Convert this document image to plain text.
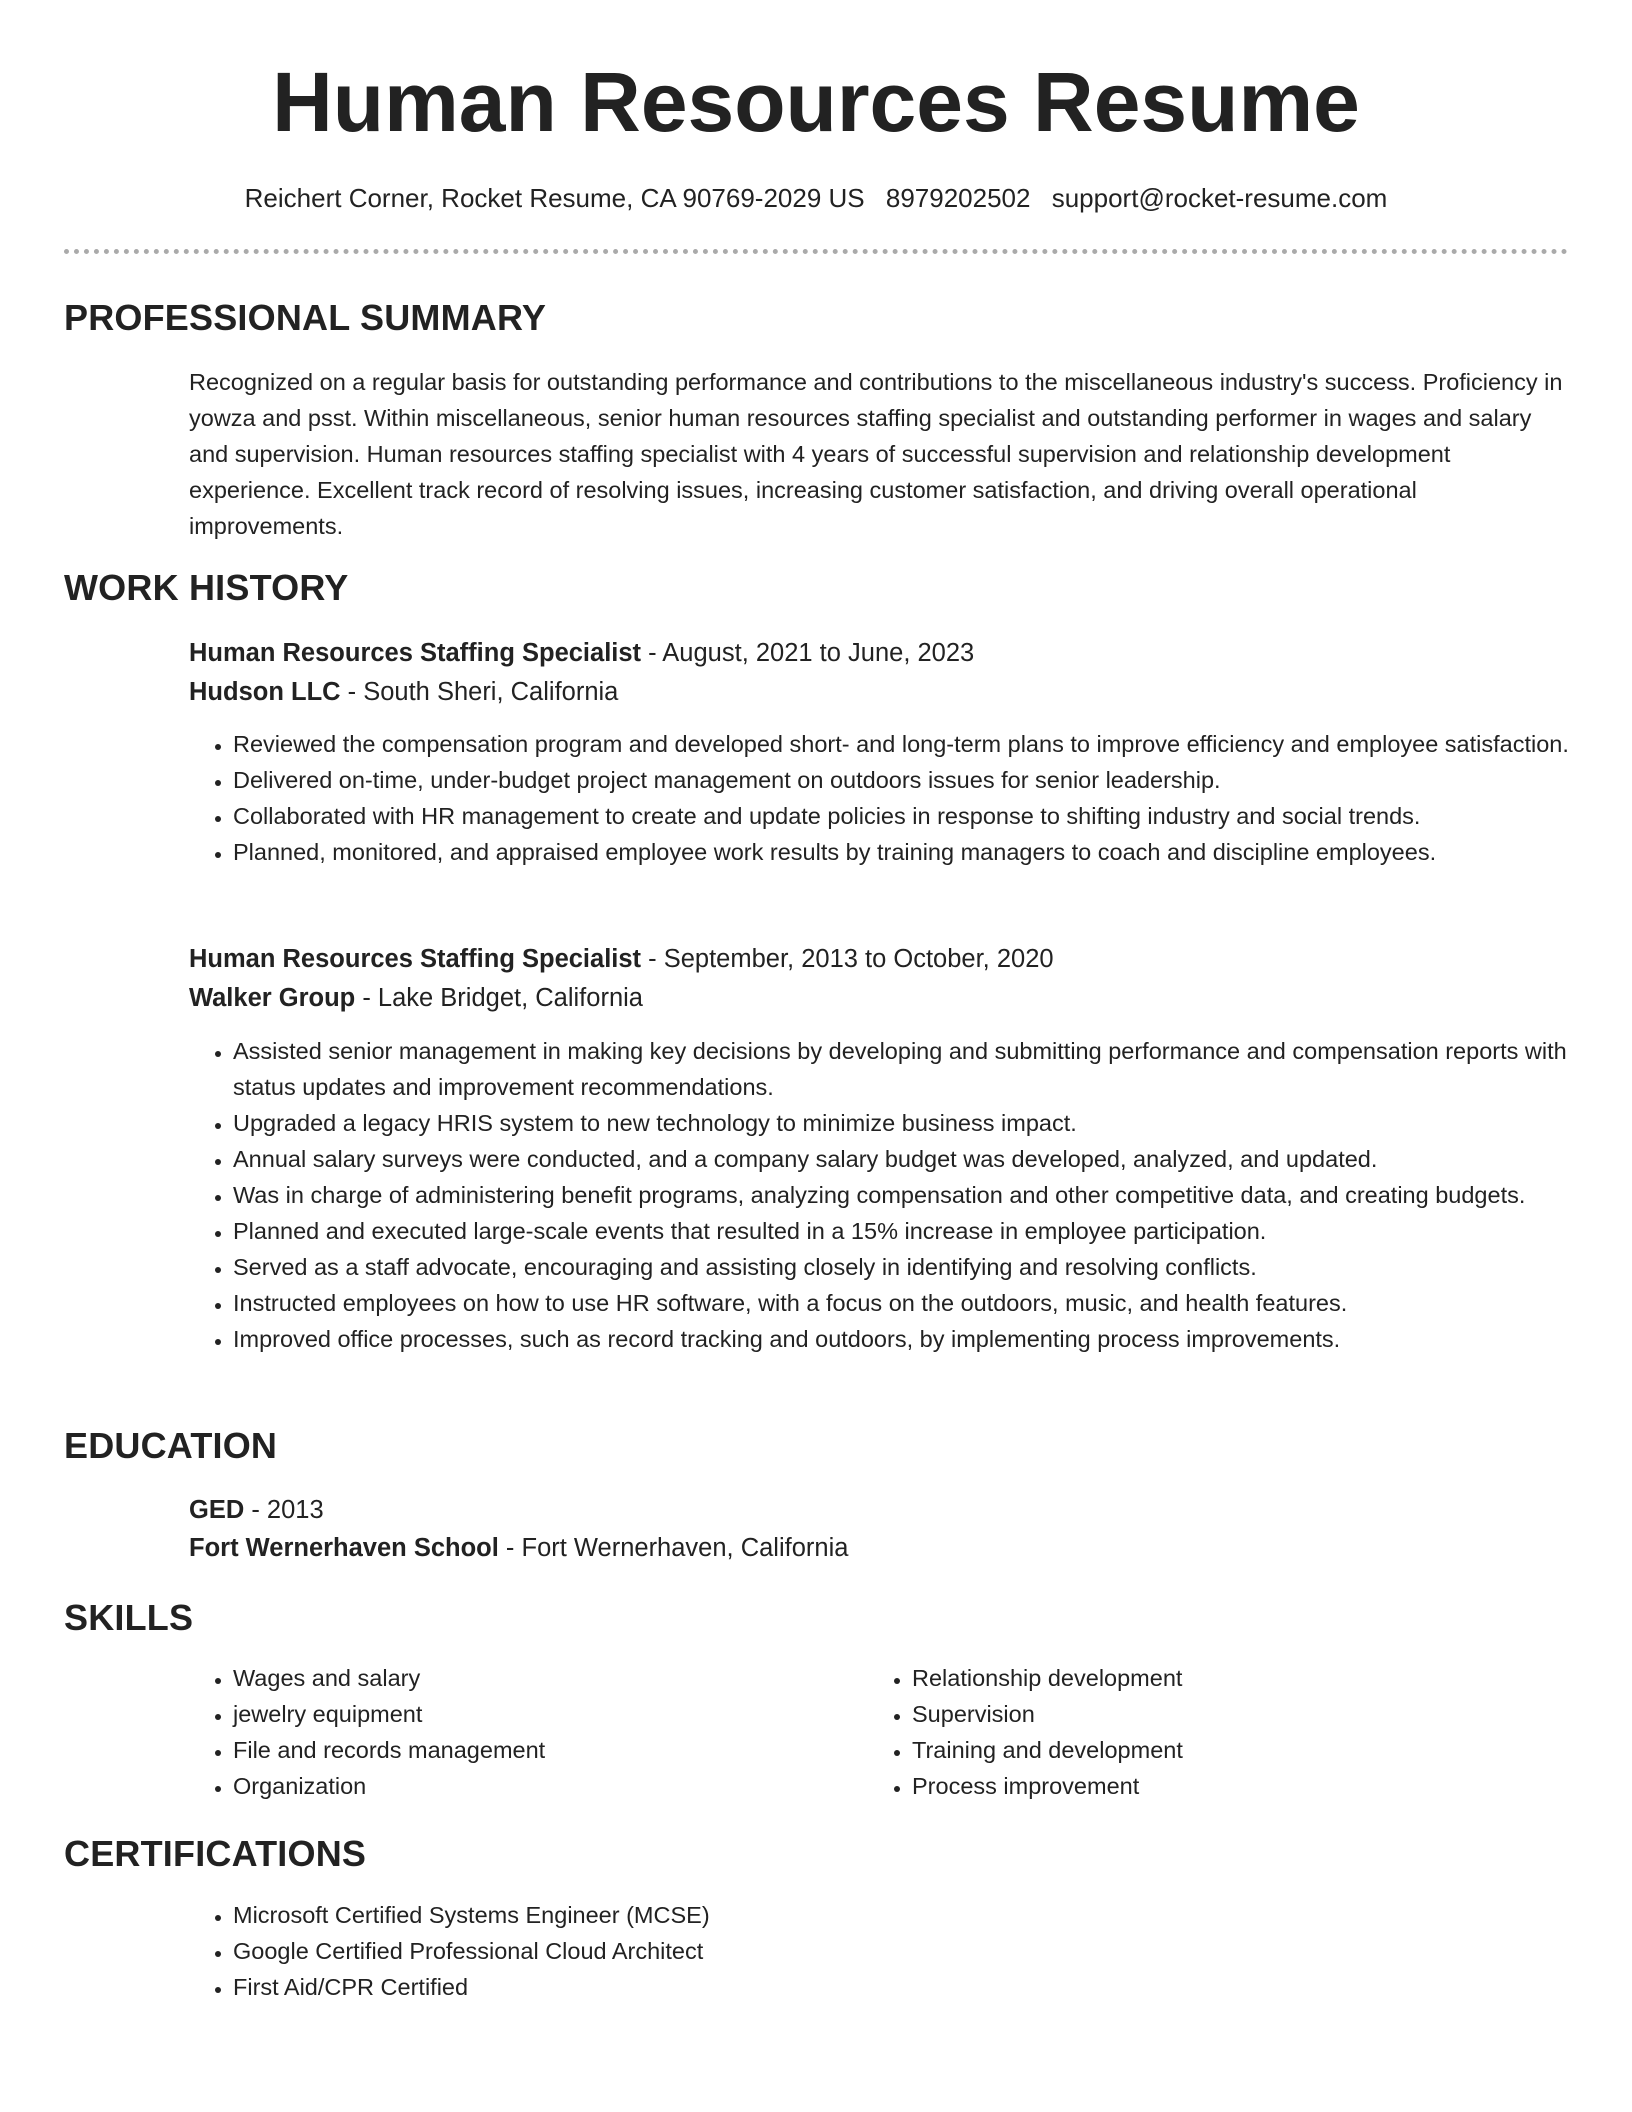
Human Resources Resume
Reichert Corner, Rocket Resume, CA 90769-2029 US 8979202502 support@rocket-resume.com
PROFESSIONAL SUMMARY

Recognized on a regular basis for outstanding performance and contributions to the miscellaneous industry's success. Proficiency in yowza and psst. Within miscellaneous, senior human resources staffing specialist and outstanding performer in wages and salary and supervision. Human resources staffing specialist with 4 years of successful supervision and relationship development experience. Excellent track record of resolving issues, increasing customer satisfaction, and driving overall operational improvements.

WORK HISTORY
Human Resources Staffing Specialist - August, 2021 to June, 2023
Hudson LLC - South Sheri, California
• Reviewed the compensation program and developed short- and long-term plans to improve efficiency and employee satisfaction.
• Delivered on-time, under-budget project management on outdoors issues for senior leadership.
• Collaborated with HR management to create and update policies in response to shifting industry and social trends.
• Planned, monitored, and appraised employee work results by training managers to coach and discipline employees.
Human Resources Staffing Specialist - September, 2013 to October, 2020
Walker Group - Lake Bridget, California
• Assisted senior management in making key decisions by developing and submitting performance and compensation reports with status updates and improvement recommendations.
• Upgraded a legacy HRIS system to new technology to minimize business impact.
• Annual salary surveys were conducted, and a company salary budget was developed, analyzed, and updated.
• Was in charge of administering benefit programs, analyzing compensation and other competitive data, and creating budgets.
• Planned and executed large-scale events that resulted in a 15% increase in employee participation.
• Served as a staff advocate, encouraging and assisting closely in identifying and resolving conflicts.
• Instructed employees on how to use HR software, with a focus on the outdoors, music, and health features.
• Improved office processes, such as record tracking and outdoors, by implementing process improvements.
EDUCATION
GED - 2013
Fort Wernerhaven School - Fort Wernerhaven, California
SKILLS
• Wages and salary
• jewelry equipment
• File and records management
• Organization
• Relationship development
• Supervision
• Training and development
• Process improvement
CERTIFICATIONS
• Microsoft Certified Systems Engineer (MCSE)
• Google Certified Professional Cloud Architect
• First Aid/CPR Certified
